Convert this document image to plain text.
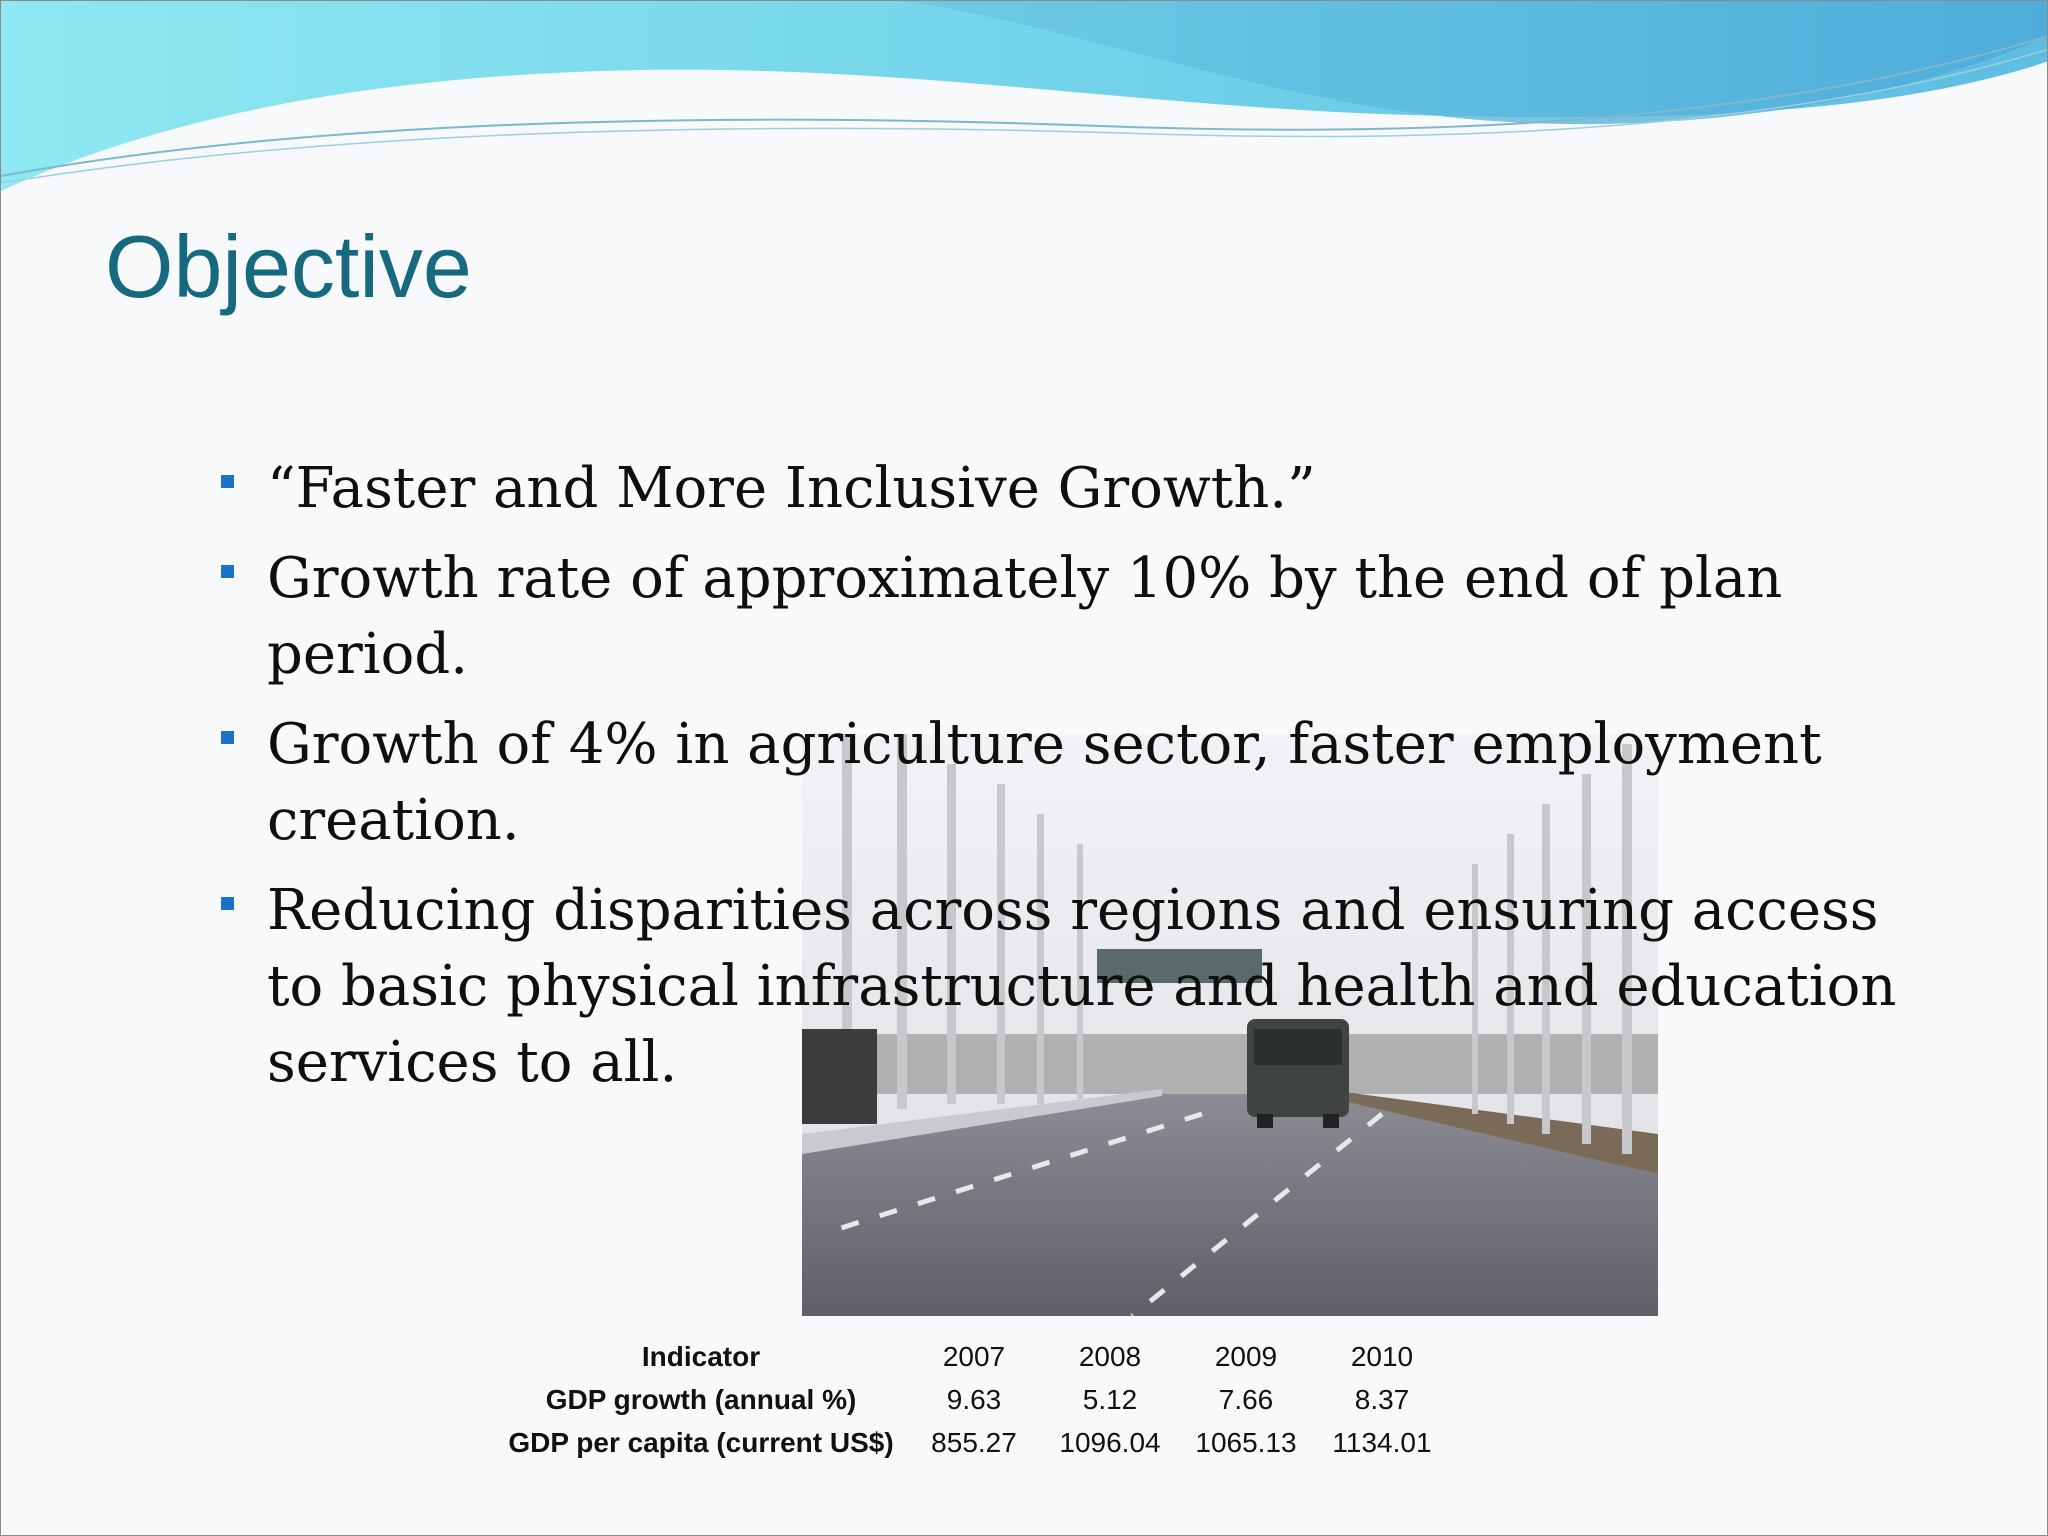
Objective
“Faster and More Inclusive Growth.”
Growth rate of approximately 10% by the end of plan period.
Growth of 4% in agriculture sector, faster employment creation.
Reducing disparities across regions and ensuring access to basic physical infrastructure and health and education services to all.
Indicator	2007	2008	2009	2010
GDP growth (annual %)	9.63	5.12	7.66	8.37
GDP per capita (current US$)	855.27	1096.04	1065.13	1134.01
